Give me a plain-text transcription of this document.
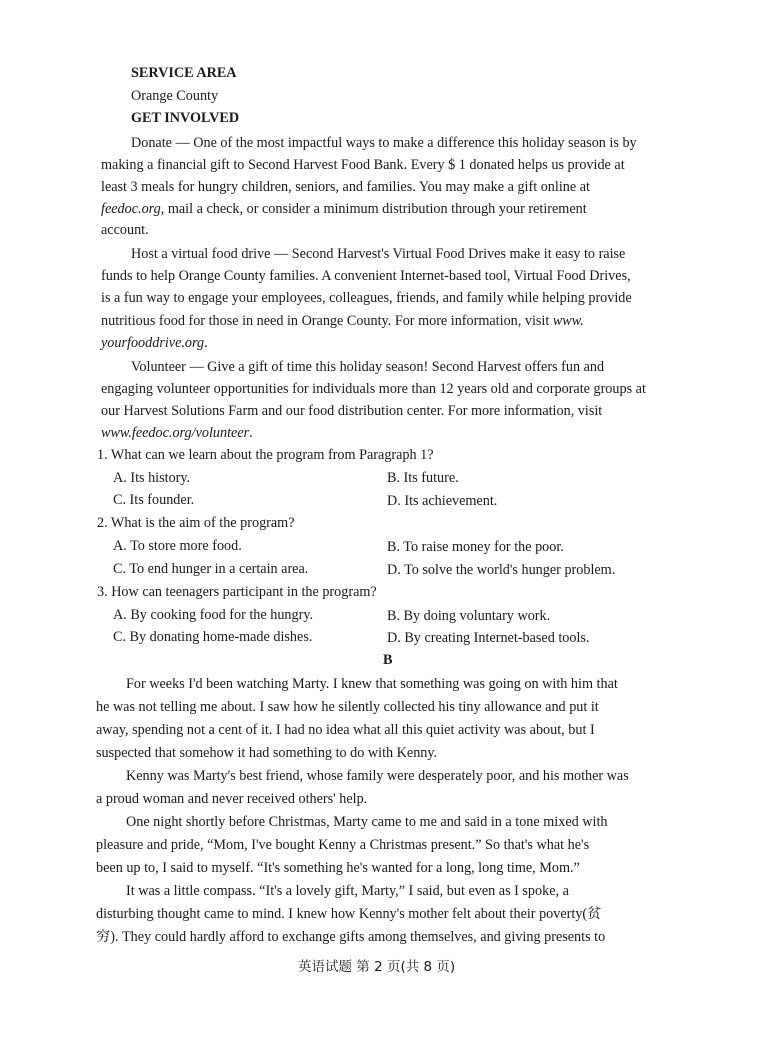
SERVICE AREA
Orange County
GET INVOLVED
Donate — One of the most impactful ways to make a difference this holiday season is by
making a financial gift to Second Harvest Food Bank. Every $ 1 donated helps us provide at
least 3 meals for hungry children, seniors, and families. You may make a gift online at
feedoc.org, mail a check, or consider a minimum distribution through your retirement
account.
Host a virtual food drive — Second Harvest's Virtual Food Drives make it easy to raise
funds to help Orange County families. A convenient Internet-based tool, Virtual Food Drives,
is a fun way to engage your employees, colleagues, friends, and family while helping provide
nutritious food for those in need in Orange County. For more information, visit www.
yourfooddrive.org.
Volunteer — Give a gift of time this holiday season! Second Harvest offers fun and
engaging volunteer opportunities for individuals more than 12 years old and corporate groups at
our Harvest Solutions Farm and our food distribution center. For more information, visit
www.feedoc.org/volunteer.
1. What can we learn about the program from Paragraph 1?
A. Its history.	B. Its future.
C. Its founder.	D. Its achievement.
2. What is the aim of the program?
A. To store more food.	B. To raise money for the poor.
C. To end hunger in a certain area.	D. To solve the world's hunger problem.
3. How can teenagers participant in the program?
A. By cooking food for the hungry.	B. By doing voluntary work.
C. By donating home-made dishes.	D. By creating Internet-based tools.
B
For weeks I'd been watching Marty. I knew that something was going on with him that
he was not telling me about. I saw how he silently collected his tiny allowance and put it
away, spending not a cent of it. I had no idea what all this quiet activity was about, but I
suspected that somehow it had something to do with Kenny.
Kenny was Marty's best friend, whose family were desperately poor, and his mother was
a proud woman and never received others' help.
One night shortly before Christmas, Marty came to me and said in a tone mixed with
pleasure and pride, “Mom, I've bought Kenny a Christmas present.” So that's what he's
been up to, I said to myself. “It's something he's wanted for a long, long time, Mom.”
It was a little compass. “It's a lovely gift, Marty,” I said, but even as I spoke, a
disturbing thought came to mind. I knew how Kenny's mother felt about their poverty(贫
穷). They could hardly afford to exchange gifts among themselves, and giving presents to
英语试题 第 2 页(共 8 页)
